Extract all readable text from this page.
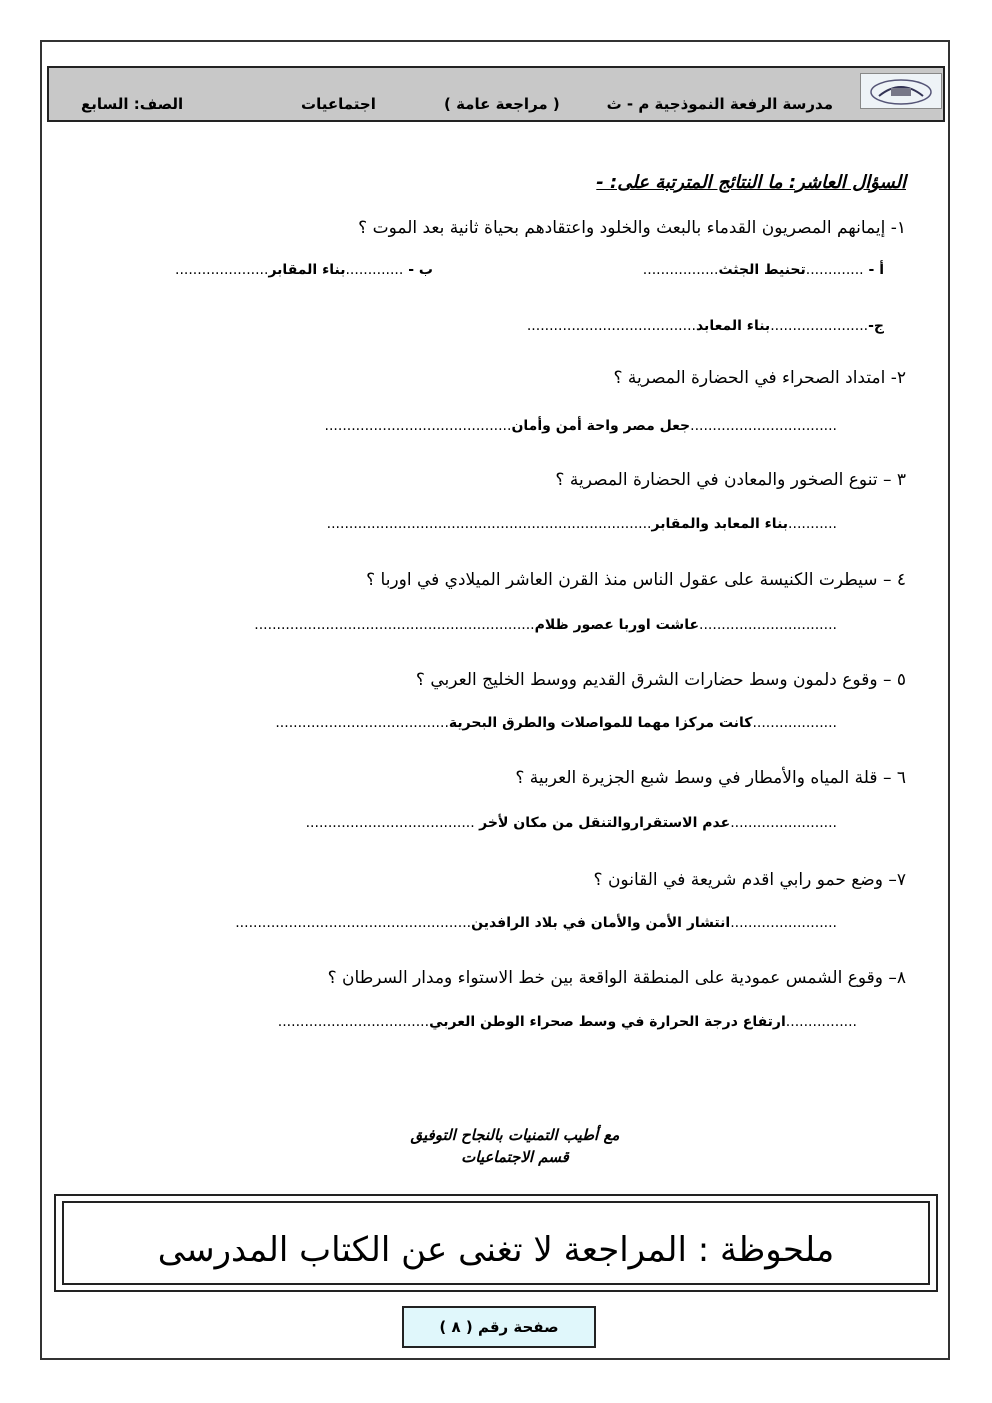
مدرسة الرفعة النموذجية م - ث
( مراجعة عامة )
اجتماعيات
الصف: السابع
السؤال العاشر: ما النتائج المترتبة على: -
١- إيمانهم المصريون القدماء بالبعث والخلود واعتقادهم بحياة ثانية بعد الموت ؟
أ - .............تحنيط الجثث.................
ب - .............بناء المقابر.....................
ج-......................بناء المعابد......................................
٢- امتداد الصحراء في الحضارة المصرية ؟
.................................جعل مصر واحة أمن وأمان..........................................
٣ – تنوع الصخور والمعادن في الحضارة المصرية ؟
...........بناء المعابد والمقابر.........................................................................
٤ – سيطرت الكنيسة على عقول الناس منذ القرن العاشر الميلادي في اوربا ؟
...............................عاشت اوربا عصور ظلام...............................................................
٥ – وقوع دلمون وسط حضارات الشرق القديم ووسط الخليج العربي ؟
...................كانت مركزا مهما للمواصلات والطرق البحرية.......................................
٦ – قلة المياه والأمطار في وسط شبع الجزيرة العربية ؟
........................عدم الاستقراروالتنقل من مكان لأخر ......................................
٧– وضع حمو رابي اقدم شريعة في القانون ؟
........................انتشار الأمن والأمان في بلاد الرافدين.....................................................
٨– وقوع الشمس عمودية على المنطقة الواقعة بين خط الاستواء ومدار السرطان ؟
................ارتفاع درجة الحرارة في وسط صحراء الوطن العربي..................................
مع أطيب التمنيات بالنجاح التوفيق
قسم الاجتماعيات
ملحوظة : المراجعة لا تغنى عن الكتاب المدرسى
صفحة رقم ( ٨ )
